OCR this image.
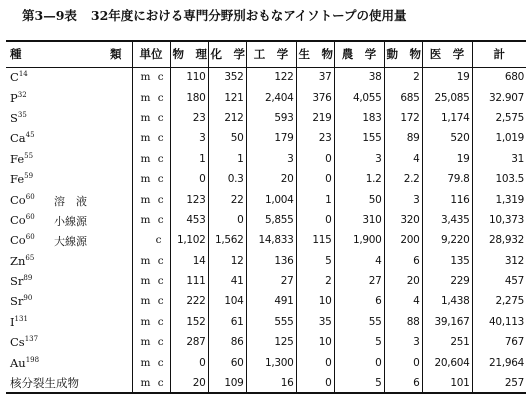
第3—9表 32年度における専門分野別おもなアイソトープの使用量
種 類	単位	物　理	化　学	工　学	生　物	農　学	動　物	医　学	計
$C^{14}$	m c	110	352	122	37	38	2	19	680
$P^{32}$	m c	180	121	2,404	376	4,055	685	25,085	32.907
$S^{35}$	m c	23	212	593	219	183	172	1,174	2,575
Ca$^{45}$	m c	3	50	179	23	155	89	520	1,019
Fe$^{55}$	m c	1	1	3	0	3	4	19	31
Fe$^{59}$	m c	0	0.3	20	0	1.2	2.2	79.8	103.5
Co$^{60}$ 溶　液	m c	123	22	1,004	1	50	3	116	1,319
Co$^{60}$ 小線源	m c	453	0	5,855	0	310	320	3,435	10,373
Co$^{60}$ 大線源	c	1,102	1,562	14,833	115	1,900	200	9,220	28,932
Zn$^{65}$	m c	14	12	136	5	4	6	135	312
Sr$^{89}$	m c	111	41	27	2	27	20	229	457
Sr$^{90}$	m c	222	104	491	10	6	4	1,438	2,275
$I^{131}$	m c	152	61	555	35	55	88	39,167	40,113
Cs$^{137}$	m c	287	86	125	10	5	3	251	767
Au$^{198}$	m c	0	60	1,300	0	0	0	20,604	21,964
核分裂生成物	m c	20	109	16	0	5	6	101	257
